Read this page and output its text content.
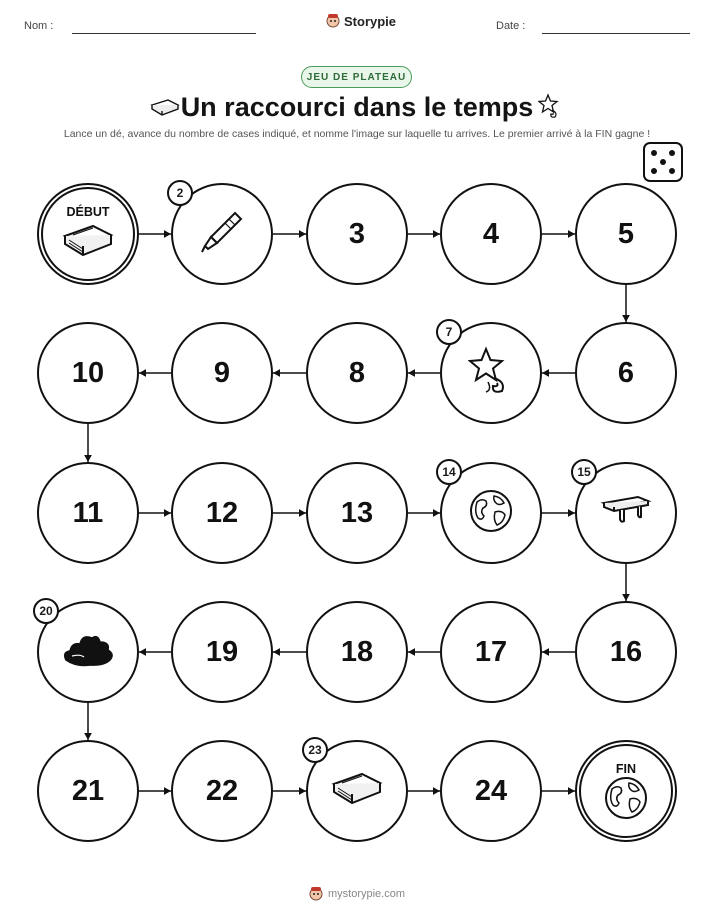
Nom :	Storypie	Date :
JEU DE PLATEAU
Un raccourci dans le temps
Lance un dé, avance du nombre de cases indiqué, et nomme l'image sur laquelle tu arrives. Le premier arrivé à la FIN gagne !
DÉBUT
2
3	4	5
6
7
8
9
10
11	12	13
14	15
16
17
18
19
20
21	22
23
24
FIN
mystorypie.com
